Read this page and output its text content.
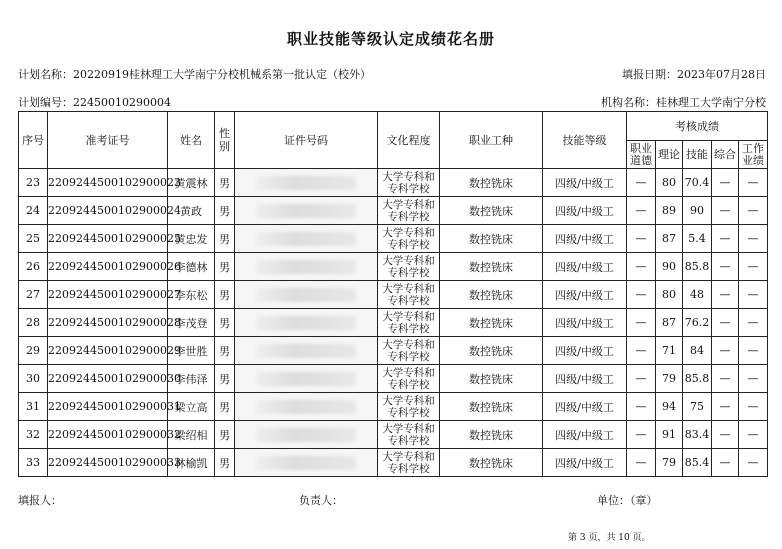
职业技能等级认定成绩花名册
计划名称：20220919桂林理工大学南宁分校机械系第一批认定（校外）	填报日期：2023年07月28日
计划编号：22450010290004	机构名称：桂林理工大学南宁分校
序号	准考证号	姓名	性别	证件号码	文化程度	职业工种	技能等级	考核成绩				
								职业道德	理论	技能	综合	工作业绩
23	2209244500102900023	黄震林	男		大学专科和专科学校	数控铣床	四级/中级工	—	80	70.4	—	—
24	2209244500102900024	黄政	男		大学专科和专科学校	数控铣床	四级/中级工	—	89	90	—	—
25	2209244500102900025	黄忠发	男		大学专科和专科学校	数控铣床	四级/中级工	—	87	5.4	—	—
26	2209244500102900026	李德林	男		大学专科和专科学校	数控铣床	四级/中级工	—	90	85.8	—	—
27	2209244500102900027	李东松	男		大学专科和专科学校	数控铣床	四级/中级工	—	80	48	—	—
28	2209244500102900028	李茂登	男		大学专科和专科学校	数控铣床	四级/中级工	—	87	76.2	—	—
29	2209244500102900029	李世胜	男		大学专科和专科学校	数控铣床	四级/中级工	—	71	84	—	—
30	2209244500102900030	李伟泽	男		大学专科和专科学校	数控铣床	四级/中级工	—	79	85.8	—	—
31	2209244500102900031	梁立高	男		大学专科和专科学校	数控铣床	四级/中级工	—	94	75	—	—
32	2209244500102900032	梁绍相	男		大学专科和专科学校	数控铣床	四级/中级工	—	91	83.4	—	—
33	2209244500102900033	林榆凯	男		大学专科和专科学校	数控铣床	四级/中级工	—	79	85.4	—	—
填报人：	负责人：	单位：（章）
第 3 页，共 10 页。
